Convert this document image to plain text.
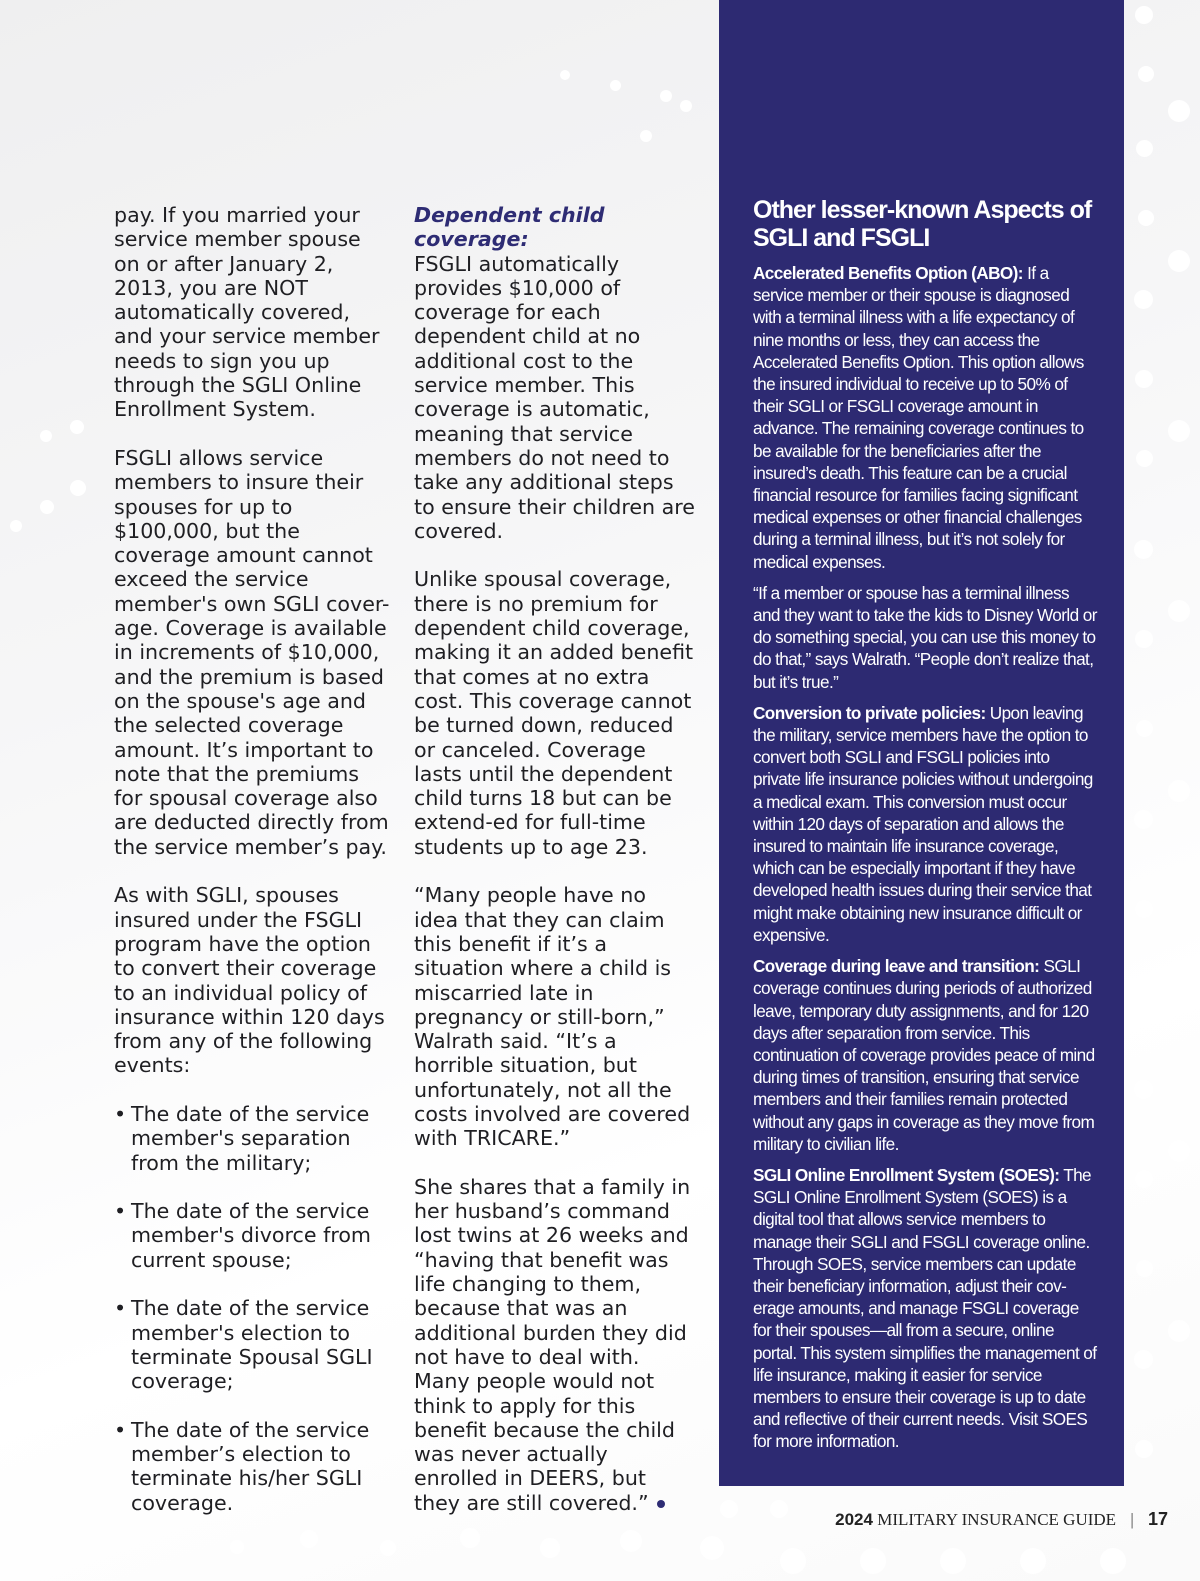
pay. If you married your service member spouse on or after January 2, 2013, you are NOT automatically covered, and your service member needs to sign you up through the SGLI Online Enrollment System.

FSGLI allows service members to insure their spouses for up to $100,000, but the coverage amount cannot exceed the service member's own SGLI cover-age. Coverage is available in increments of $10,000, and the premium is based on the spouse's age and the selected coverage amount. It’s important to note that the premiums for spousal coverage also are deducted directly from the service member’s pay.

As with SGLI, spouses insured under the FSGLI program have the option to convert their coverage to an individual policy of insurance within 120 days from any of the following events:

• The date of the service member's separation from the military;
• The date of the service member's divorce from current spouse;
• The date of the service member's election to terminate Spousal SGLI coverage;
• The date of the service member’s election to terminate his/her SGLI coverage.

Dependent child coverage:
FSGLI automatically provides $10,000 of coverage for each dependent child at no additional cost to the service member. This coverage is automatic, meaning that service members do not need to take any additional steps to ensure their children are covered.

Unlike spousal coverage, there is no premium for dependent child coverage, making it an added benefit that comes at no extra cost. This coverage cannot be turned down, reduced or canceled. Coverage lasts until the dependent child turns 18 but can be extend-ed for full-time students up to age 23.

“Many people have no idea that they can claim this benefit if it’s a situation where a child is miscarried late in pregnancy or still-born,” Walrath said. “It’s a horrible situation, but unfortunately, not all the costs involved are covered with TRICARE.”

She shares that a family in her husband’s command lost twins at 26 weeks and “having that benefit was life changing to them, because that was an additional burden they did not have to deal with. Many people would not think to apply for this benefit because the child was never actually enrolled in DEERS, but they are still covered.”

Other lesser-known Aspects of SGLI and FSGLI

Accelerated Benefits Option (ABO): If a service member or their spouse is diagnosed with a terminal illness with a life expectancy of nine months or less, they can access the Accelerated Benefits Option. This option allows the insured individual to receive up to 50% of their SGLI or FSGLI coverage amount in advance. The remaining coverage continues to be available for the beneficiaries after the insured’s death. This feature can be a crucial financial resource for families facing significant medical expenses or other financial challenges during a terminal illness, but it’s not solely for medical expenses.

“If a member or spouse has a terminal illness and they want to take the kids to Disney World or do something special, you can use this money to do that,” says Walrath. “People don’t realize that, but it’s true.”

Conversion to private policies: Upon leaving the military, service members have the option to convert both SGLI and FSGLI policies into private life insurance policies without undergoing a medical exam. This conversion must occur within 120 days of separation and allows the insured to maintain life insurance coverage, which can be especially important if they have developed health issues during their service that might make obtaining new insurance difficult or expensive.

Coverage during leave and transition: SGLI coverage continues during periods of authorized leave, temporary duty assignments, and for 120 days after separation from service. This continuation of coverage provides peace of mind during times of transition, ensuring that service members and their families remain protected without any gaps in coverage as they move from military to civilian life.

SGLI Online Enrollment System (SOES): The SGLI Online Enrollment System (SOES) is a digital tool that allows service members to manage their SGLI and FSGLI coverage online. Through SOES, service members can update their beneficiary information, adjust their cov-erage amounts, and manage FSGLI coverage for their spouses—all from a secure, online portal. This system simplifies the management of life insurance, making it easier for service members to ensure their coverage is up to date and reflective of their current needs. Visit SOES for more information.

2024 MILITARY INSURANCE GUIDE | 17
